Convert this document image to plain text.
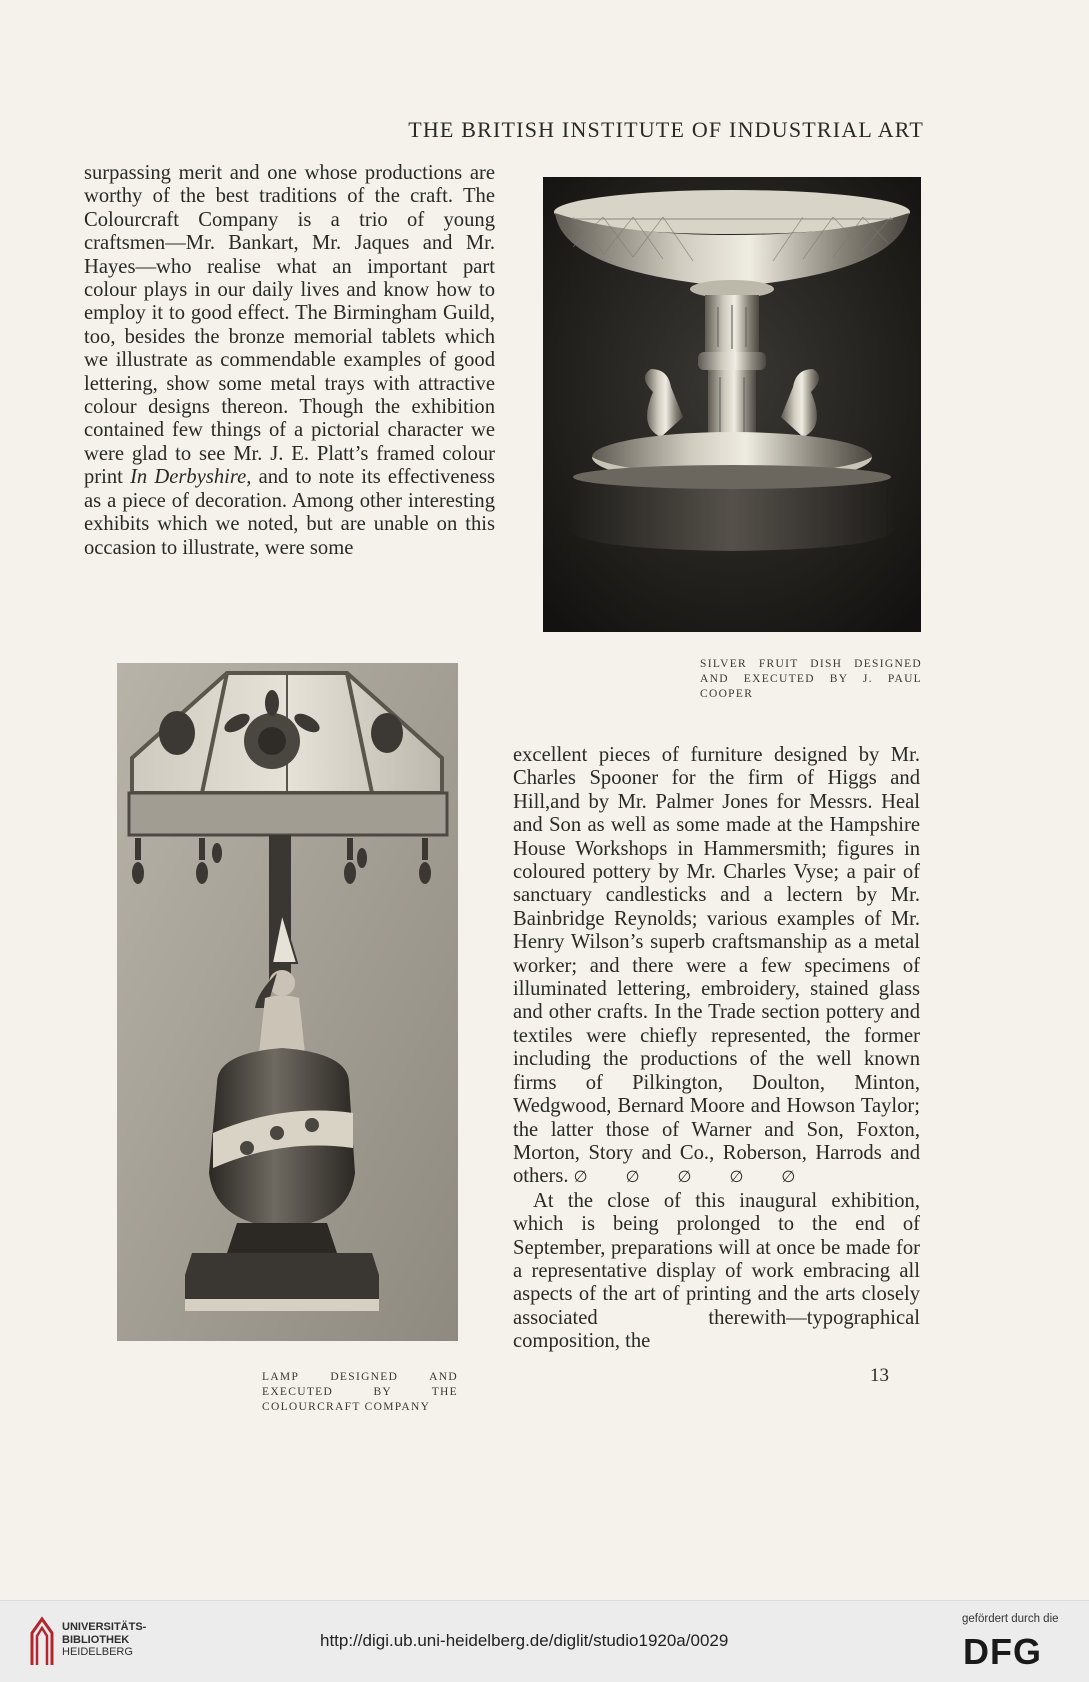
THE BRITISH INSTITUTE OF INDUSTRIAL ART

surpassing merit and one whose productions are worthy of the best traditions of the craft. The Colourcraft Company is a trio of young craftsmen—Mr. Bankart, Mr. Jaques and Mr. Hayes—who realise what an important part colour plays in our daily lives and know how to employ it to good effect. The Birmingham Guild, too, besides the bronze memorial tablets which we illustrate as commendable examples of good lettering, show some metal trays with attractive colour designs thereon. Though the exhibition contained few things of a pictorial character we were glad to see Mr. J. E. Platt’s framed colour print In Derbyshire, and to note its effectiveness as a piece of decoration. Among other interesting exhibits which we noted, but are unable on this occasion to illustrate, were some

SILVER FRUIT DISH DESIGNED AND EXECUTED BY J. PAUL COOPER
LAMP DESIGNED AND EXECUTED BY THE COLOURCRAFT COMPANY

excellent pieces of furniture designed by Mr. Charles Spooner for the firm of Higgs and Hill,and by Mr. Palmer Jones for Messrs. Heal and Son as well as some made at the Hampshire House Workshops in Hammersmith; figures in coloured pottery by Mr. Charles Vyse; a pair of sanctuary candlesticks and a lectern by Mr. Bainbridge Reynolds; various examples of Mr. Henry Wilson’s superb craftsmanship as a metal worker; and there were a few specimens of illuminated lettering, embroidery, stained glass and other crafts. In the Trade section pottery and textiles were chiefly represented, the former including the productions of the well known firms of Pilkington, Doulton, Minton, Wedgwood, Bernard Moore and Howson Taylor; the latter those of Warner and Son, Foxton, Morton, Story and Co., Roberson, Harrods and others. ∅ ∅ ∅ ∅ ∅

At the close of this inaugural exhibition, which is being prolonged to the end of September, preparations will at once be made for a representative display of work embracing all aspects of the art of printing and the arts closely associated therewith—typographical composition, the

13
UNIVERSITÄTS-
BIBLIOTHEK
HEIDELBERG
http://digi.ub.uni-heidelberg.de/diglit/studio1920a/0029
gefördert durch die
DFG
